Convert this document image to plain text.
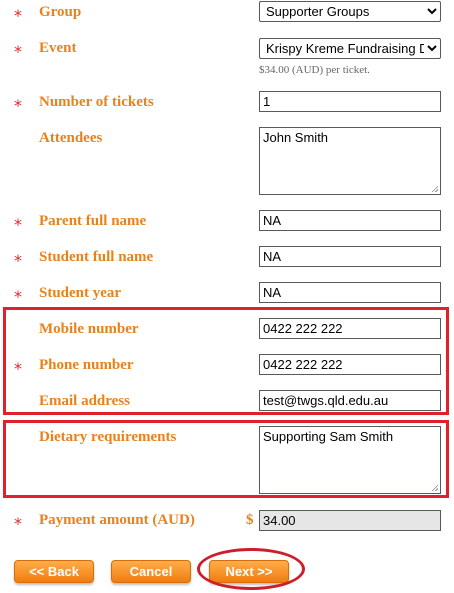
* Group
Supporter Groups
* Event
Krispy Kreme Fundraising Day
$34.00 (AUD) per ticket.
* Number of tickets
1
Attendees
John Smith
* Parent full name
NA
* Student full name
NA
* Student year
NA
Mobile number
0422 222 222
* Phone number
0422 222 222
Email address
test@twgs.qld.edu.au
Dietary requirements
Supporting Sam Smith
* Payment amount (AUD)	$
34.00
<< Back	Cancel	Next >>
